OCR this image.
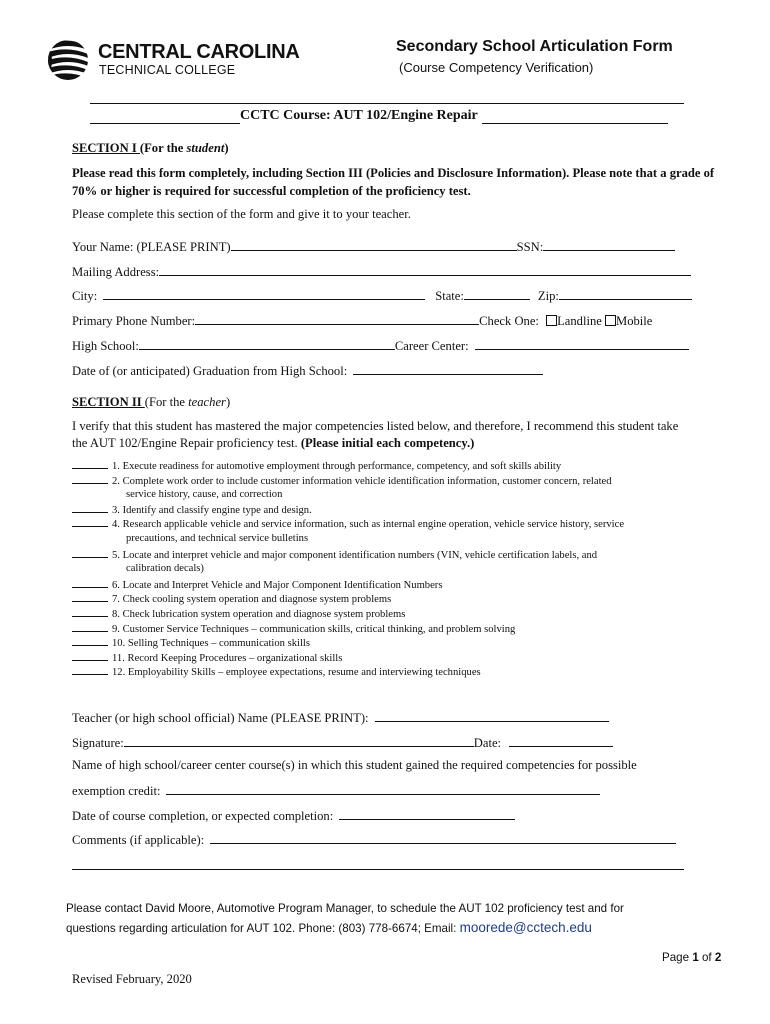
CENTRAL CAROLINA
TECHNICAL COLLEGE
Secondary School Articulation Form
(Course Competency Verification)
CCTC Course: AUT 102/Engine Repair
SECTION I (For the student)
Please read this form completely, including Section III (Policies and Disclosure Information). Please note that a grade of 70% or higher is required for successful completion of the proficiency test.
Please complete this section of the form and give it to your teacher.
Your Name: (PLEASE PRINT)	SSN:
Mailing Address:
City:	State:	Zip:
Primary Phone Number:	Check One: Landline Mobile
High School:	Career Center:
Date of (or anticipated) Graduation from High School:
SECTION II (For the teacher)
I verify that this student has mastered the major competencies listed below, and therefore, I recommend this student take the AUT 102/Engine Repair proficiency test. (Please initial each competency.)
1. Execute readiness for automotive employment through performance, competency, and soft skills ability
2. Complete work order to include customer information vehicle identification information, customer concern, related
service history, cause, and correction
3. Identify and classify engine type and design.
4. Research applicable vehicle and service information, such as internal engine operation, vehicle service history, service
precautions, and technical service bulletins
5. Locate and interpret vehicle and major component identification numbers (VIN, vehicle certification labels, and
calibration decals)
6. Locate and Interpret Vehicle and Major Component Identification Numbers
7. Check cooling system operation and diagnose system problems
8. Check lubrication system operation and diagnose system problems
9. Customer Service Techniques – communication skills, critical thinking, and problem solving
10. Selling Techniques – communication skills
11. Record Keeping Procedures – organizational skills
12. Employability Skills – employee expectations, resume and interviewing techniques
Teacher (or high school official) Name (PLEASE PRINT):
Signature:	Date:
Name of high school/career center course(s) in which this student gained the required competencies for possible
exemption credit:
Date of course completion, or expected completion:
Comments (if applicable):
Please contact David Moore, Automotive Program Manager, to schedule the AUT 102 proficiency test and for
questions regarding articulation for AUT 102. Phone: (803) 778-6674; Email: moorede@cctech.edu
Page 1 of 2
Revised February, 2020
